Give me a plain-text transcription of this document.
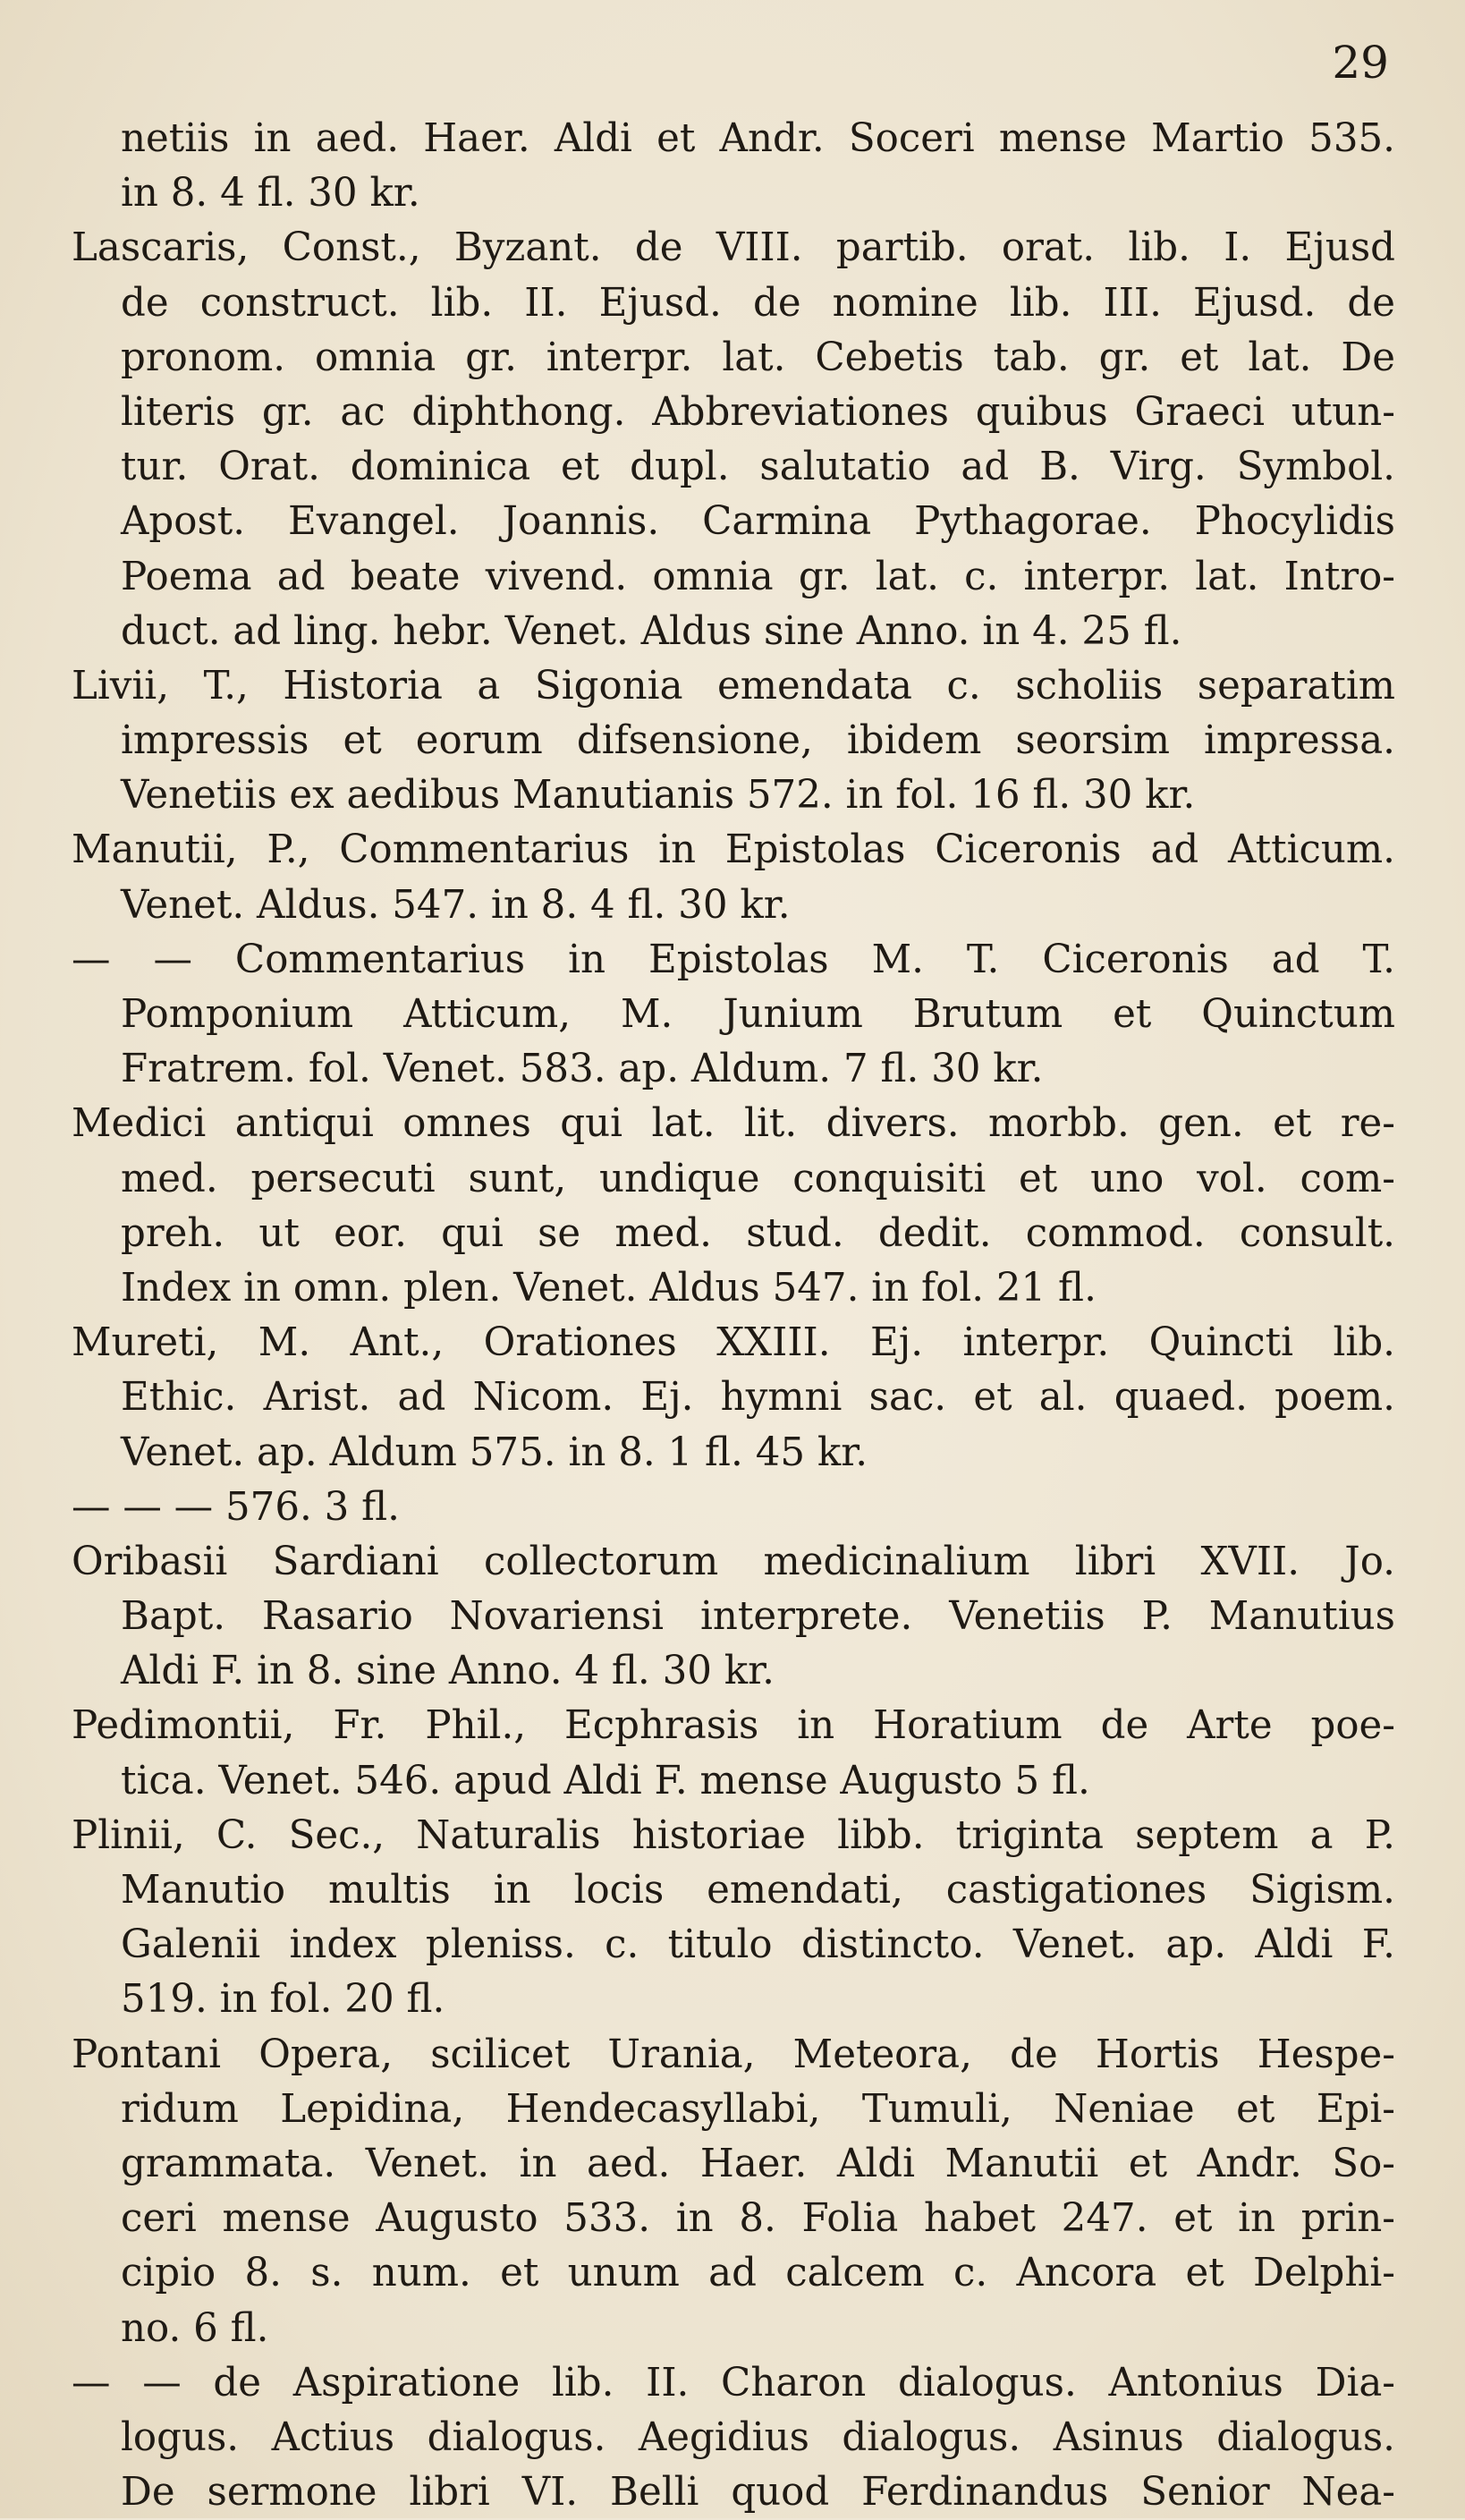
29

netiis in aed. Haer. Aldi et Andr. Soceri mense Martio 535.
in 8. 4 fl. 30 kr.
Lascaris, Const., Byzant. de VIII. partib. orat. lib. I. Ejusd
de construct. lib. II. Ejusd. de nomine lib. III. Ejusd. de
pronom. omnia gr. interpr. lat. Cebetis tab. gr. et lat. De
literis gr. ac diphthong. Abbreviationes quibus Graeci utun-
tur. Orat. dominica et dupl. salutatio ad B. Virg. Symbol.
Apost. Evangel. Joannis. Carmina Pythagorae. Phocylidis
Poema ad beate vivend. omnia gr. lat. c. interpr. lat. Intro-
duct. ad ling. hebr. Venet. Aldus sine Anno. in 4. 25 fl.
Livii, T., Historia a Sigonia emendata c. scholiis separatim
impressis et eorum difsensione, ibidem seorsim impressa.
Venetiis ex aedibus Manutianis 572. in fol. 16 fl. 30 kr.
Manutii, P., Commentarius in Epistolas Ciceronis ad Atticum.
Venet. Aldus. 547. in 8. 4 fl. 30 kr.
— — Commentarius in Epistolas M. T. Ciceronis ad T.
Pomponium Atticum, M. Junium Brutum et Quinctum
Fratrem. fol. Venet. 583. ap. Aldum. 7 fl. 30 kr.
Medici antiqui omnes qui lat. lit. divers. morbb. gen. et re-
med. persecuti sunt, undique conquisiti et uno vol. com-
preh. ut eor. qui se med. stud. dedit. commod. consult.
Index in omn. plen. Venet. Aldus 547. in fol. 21 fl.
Mureti, M. Ant., Orationes XXIII. Ej. interpr. Quincti lib.
Ethic. Arist. ad Nicom. Ej. hymni sac. et al. quaed. poem.
Venet. ap. Aldum 575. in 8. 1 fl. 45 kr.
— — — 576. 3 fl.
Oribasii Sardiani collectorum medicinalium libri XVII. Jo.
Bapt. Rasario Novariensi interprete. Venetiis P. Manutius
Aldi F. in 8. sine Anno. 4 fl. 30 kr.
Pedimontii, Fr. Phil., Ecphrasis in Horatium de Arte poe-
tica. Venet. 546. apud Aldi F. mense Augusto 5 fl.
Plinii, C. Sec., Naturalis historiae libb. triginta septem a P.
Manutio multis in locis emendati, castigationes Sigism.
Galenii index pleniss. c. titulo distincto. Venet. ap. Aldi F.
519. in fol. 20 fl.
Pontani Opera, scilicet Urania, Meteora, de Hortis Hespe-
ridum Lepidina, Hendecasyllabi, Tumuli, Neniae et Epi-
grammata. Venet. in aed. Haer. Aldi Manutii et Andr. So-
ceri mense Augusto 533. in 8. Folia habet 247. et in prin-
cipio 8. s. num. et unum ad calcem c. Ancora et Delphi-
no. 6 fl.
— — de Aspiratione lib. II. Charon dialogus. Antonius Dia-
logus. Actius dialogus. Aegidius dialogus. Asinus dialogus.
De sermone libri VI. Belli quod Ferdinandus Senior Nea-
